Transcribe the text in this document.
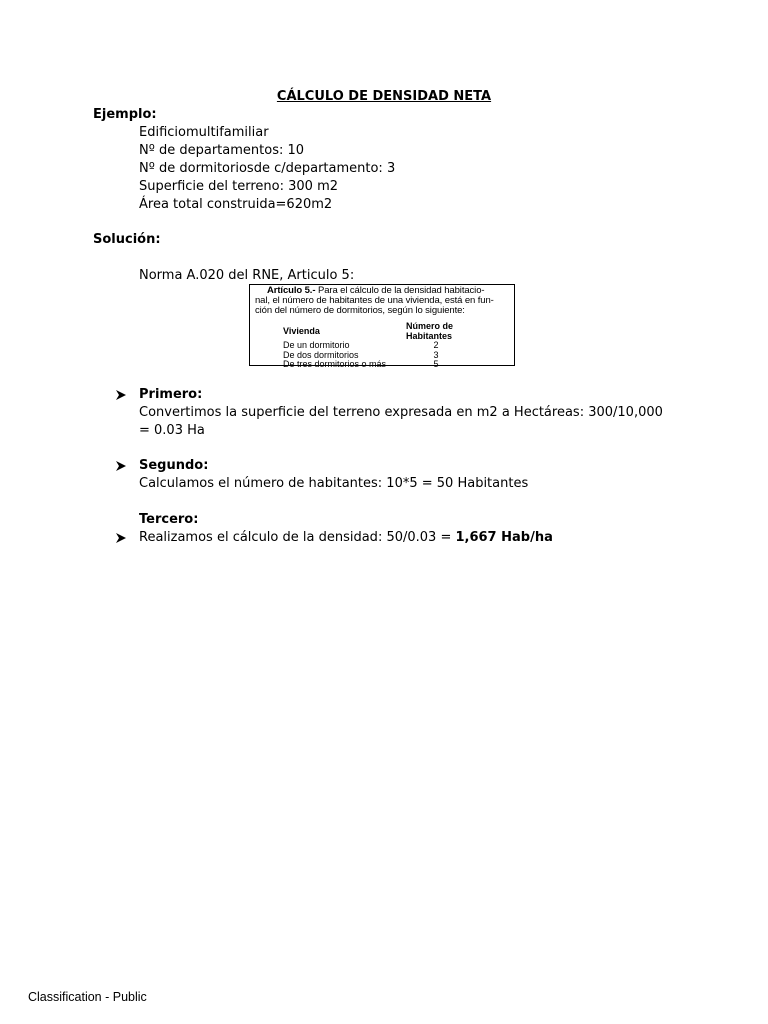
CÁLCULO DE DENSIDAD NETA
Ejemplo:
Edificiomultifamiliar
Nº de departamentos: 10
Nº de dormitoriosde c/departamento: 3
Superficie del terreno: 300 m2
Área total construida=620m2
Solución:
Norma A.020 del RNE, Articulo 5:
Artículo 5.- Para el cálculo de la densidad habitacio-
nal, el número de habitantes de una vivienda, está en fun-
ción del número de dormitorios, según lo siguiente:
Vivienda	Número de Habitantes
De un dormitorio	2
De dos dormitorios	3
De tres dormitorios o más	5
Primero:
Convertimos la superficie del terreno expresada en m2 a Hectáreas: 300/10,000 = 0.03 Ha
Segundo:
Calculamos el número de habitantes: 10*5 = 50 Habitantes
Tercero:
Realizamos el cálculo de la densidad: 50/0.03 = 1,667 Hab/ha
Classification - Public
